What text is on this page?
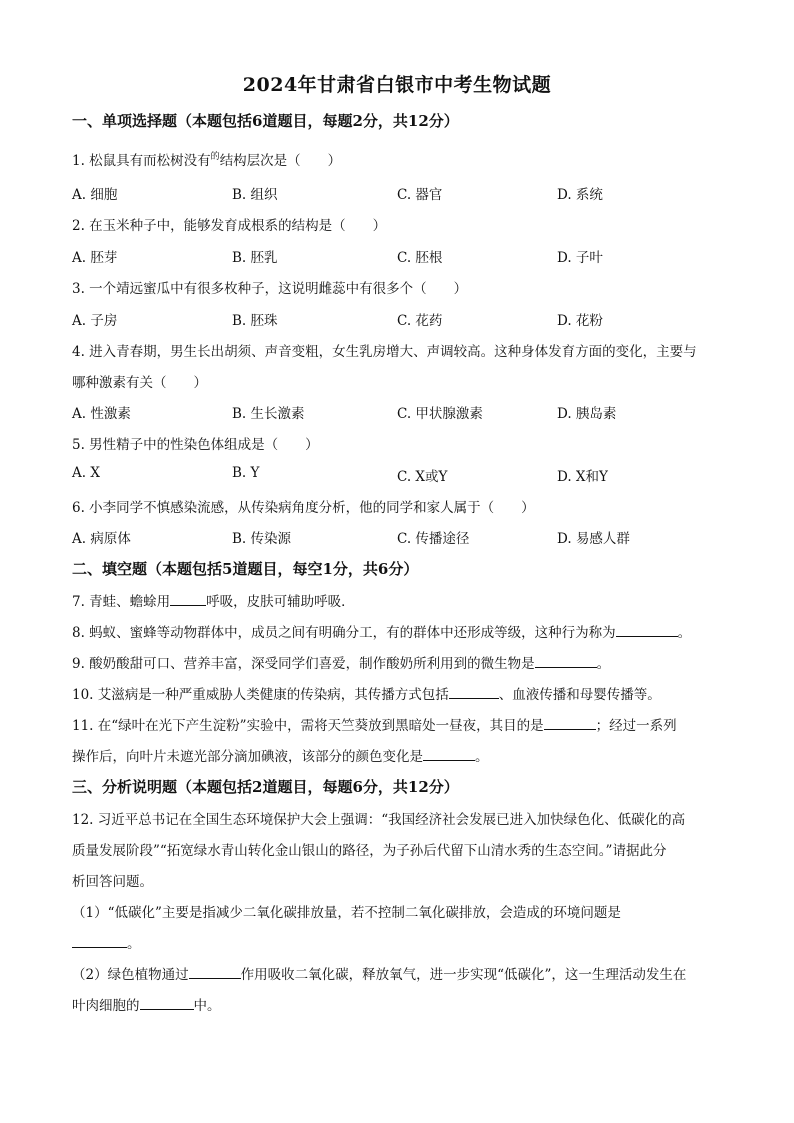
2024年甘肃省白银市中考生物试题
一、单项选择题（本题包括6道题目，每题2分，共12分）
1. 松鼠具有而松树没有$^的$结构层次是（　　）
A. 细胞	B. 组织	C. 器官	D. 系统
2. 在玉米种子中，能够发育成根系的结构是（　　）
A. 胚芽	B. 胚乳	C. 胚根	D. 子叶
3. 一个靖远蜜瓜中有很多枚种子，这说明雌蕊中有很多个（　　）
A. 子房	B. 胚珠	C. 花药	D. 花粉
4. 进入青春期，男生长出胡须、声音变粗，女生乳房增大、声调较高。这种身体发育方面的变化，主要与
哪种激素有关（　　）
A. 性激素	B. 生长激素	C. 甲状腺激素	D. 胰岛素
5. 男性精子中的性染色体组成是（　　）
A. X	B. Y	C. X或Y	D. X和Y
6. 小李同学不慎感染流感，从传染病角度分析，他的同学和家人属于（　　）
A. 病原体	B. 传染源	C. 传播途径	D. 易感人群
二、填空题（本题包括5道题目，每空1分，共6分）
7. 青蛙、蟾蜍用	呼吸，皮肤可辅助呼吸．
8. 蚂蚁、蜜蜂等动物群体中，成员之间有明确分工，有的群体中还形成等级，这种行为称为	。
9. 酸奶酸甜可口、营养丰富，深受同学们喜爱，制作酸奶所利用到的微生物是	。
10. 艾滋病是一种严重威胁人类健康的传染病，其传播方式包括	、血液传播和母婴传播等。
11. 在“绿叶在光下产生淀粉”实验中，需将天竺葵放到黑暗处一昼夜，其目的是	；经过一系列
操作后，向叶片未遮光部分滴加碘液，该部分的颜色变化是	。
三、分析说明题（本题包括2道题目，每题6分，共12分）
12. 习近平总书记在全国生态环境保护大会上强调：“我国经济社会发展已进入加快绿色化、低碳化的高
质量发展阶段”“拓宽绿水青山转化金山银山的路径，为子孙后代留下山清水秀的生态空间。”请据此分
析回答问题。
（1）“低碳化”主要是指减少二氧化碳排放量，若不控制二氧化碳排放，会造成的环境问题是
。
（2）绿色植物通过	作用吸收二氧化碳，释放氧气，进一步实现“低碳化”，这一生理活动发生在
叶肉细胞的	中。
